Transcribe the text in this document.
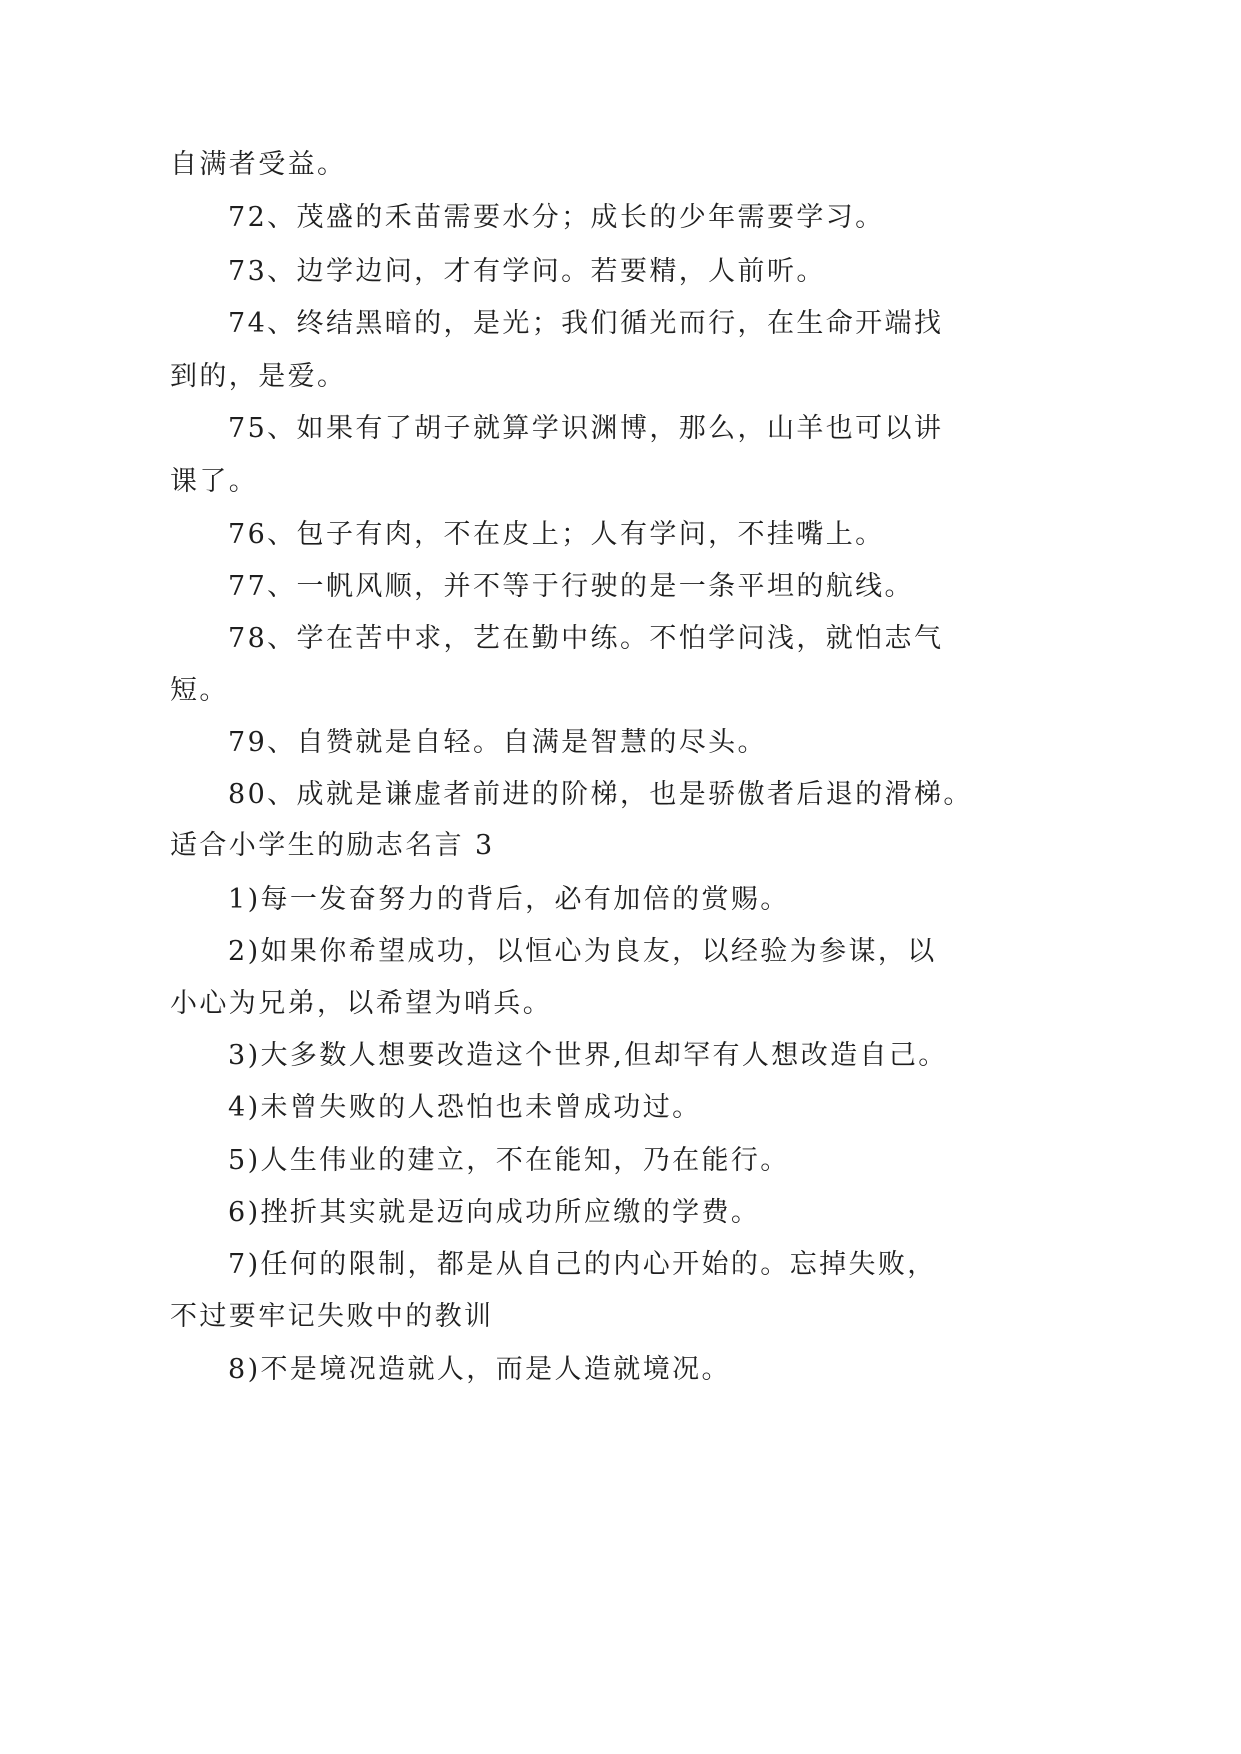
自满者受益。
72、茂盛的禾苗需要水分；成长的少年需要学习。
73、边学边问，才有学问。若要精，人前听。
74、终结黑暗的，是光；我们循光而行，在生命开端找
到的，是爱。
75、如果有了胡子就算学识渊博，那么，山羊也可以讲
课了。
76、包子有肉，不在皮上；人有学问，不挂嘴上。
77、一帆风顺，并不等于行驶的是一条平坦的航线。
78、学在苦中求，艺在勤中练。不怕学问浅，就怕志气
短。
79、自赞就是自轻。自满是智慧的尽头。
80、成就是谦虚者前进的阶梯，也是骄傲者后退的滑梯。
适合小学生的励志名言 3
1)每一发奋努力的背后，必有加倍的赏赐。
2)如果你希望成功，以恒心为良友，以经验为参谋，以
小心为兄弟，以希望为哨兵。
3)大多数人想要改造这个世界,但却罕有人想改造自己。
4)未曾失败的人恐怕也未曾成功过。
5)人生伟业的建立，不在能知，乃在能行。
6)挫折其实就是迈向成功所应缴的学费。
7)任何的限制，都是从自己的内心开始的。忘掉失败，
不过要牢记失败中的教训
8)不是境况造就人，而是人造就境况。
